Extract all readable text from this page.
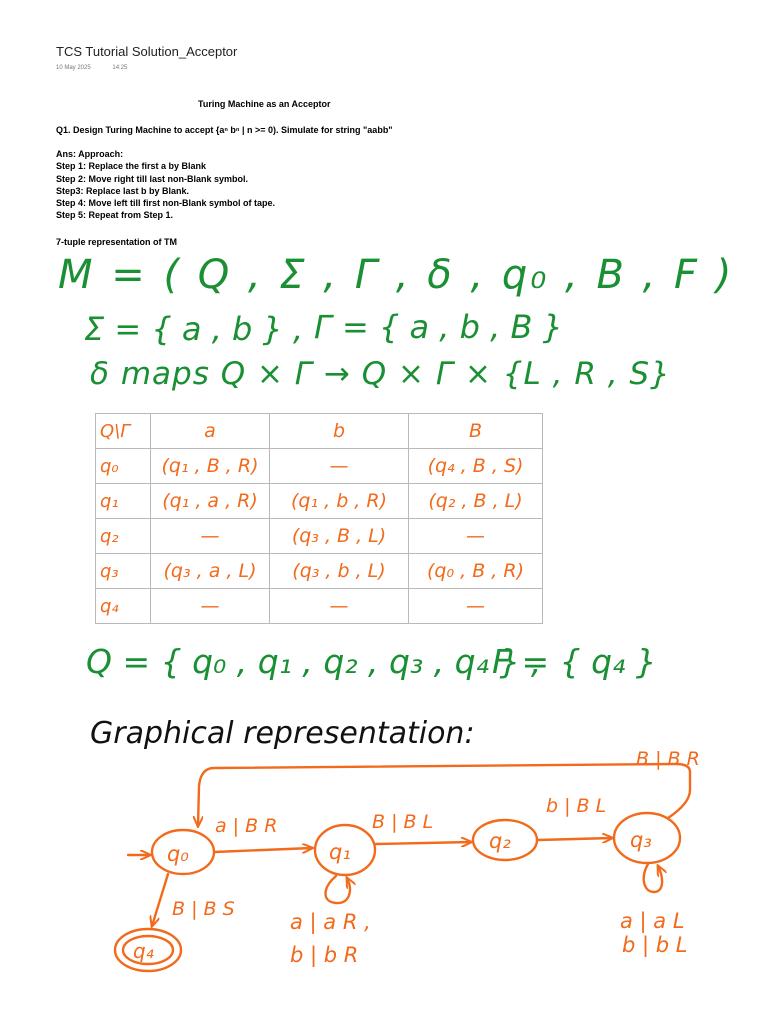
TCS Tutorial Solution_Acceptor
10 May 2025	14:25
Turing Machine as an Acceptor
Q1. Design Turing Machine to accept {aⁿ bⁿ | n >= 0). Simulate for string "aabb"
Ans: Approach:
Step 1: Replace the first a by Blank
Step 2: Move right till last non-Blank symbol.
Step3: Replace last b by Blank.
Step 4: Move left till first non-Blank symbol of tape.
Step 5: Repeat from Step 1.
7-tuple representation of TM
M = ( Q , Σ , Γ , δ , q₀ , B , F )
Σ = { a , b } , Γ = { a , b , B }
δ maps Q × Γ → Q × Γ × {L , R , S}
Q\Γ	a	b	B
q₀	(q₁ , B , R)	—	(q₄ , B , S)
q₁	(q₁ , a , R)	(q₁ , b , R)	(q₂ , B , L)
q₂	—	(q₃ , B , L)	—
q₃	(q₃ , a , L)	(q₃ , b , L)	(q₀ , B , R)
q₄	—	—	—
Q = { q₀ , q₁ , q₂ , q₃ , q₄ } ,
F = { q₄ }
Graphical representation:
q₀	q₁	q₂	q₃
q₄
a | B R	B | B L
b | B L
B | B R
B | B S
a | a R ,
b | b R
a | a L
b | b L
